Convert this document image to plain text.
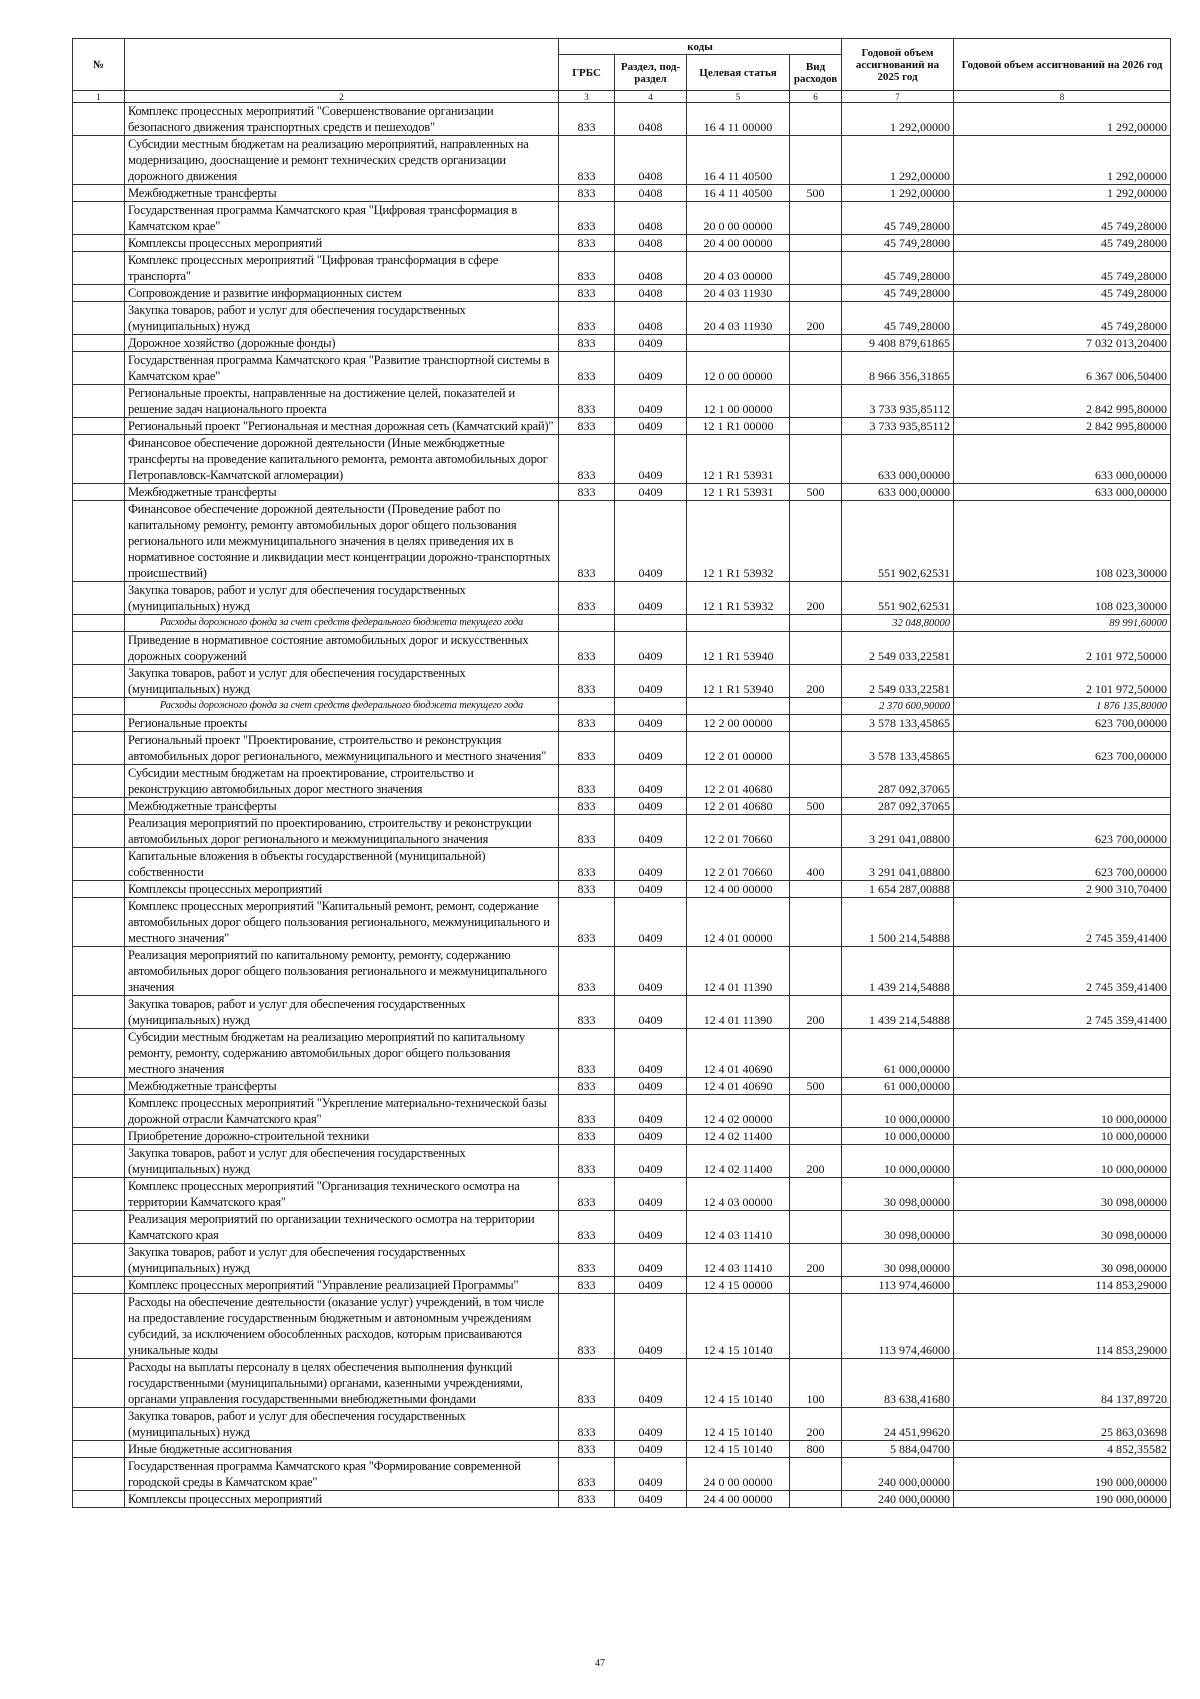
№		коды				Годовой объем ассигнований на 2025 год	Годовой объем ассигнований на 2026 год
		ГРБС	Раздел, под-раздел	Целевая статья	Вид расходов		
1	2	3	4	5	6	7	8
	Комплекс процессных мероприятий "Совершенствование организации безопасного движения транспортных средств и пешеходов"	833	0408	16 4 11 00000		1 292,00000	1 292,00000
	Субсидии местным бюджетам на реализацию мероприятий, направленных на модернизацию, дооснащение и ремонт технических средств организации дорожного движения	833	0408	16 4 11 40500		1 292,00000	1 292,00000
	Межбюджетные трансферты	833	0408	16 4 11 40500	500	1 292,00000	1 292,00000
	Государственная программа Камчатского края "Цифровая трансформация в Камчатском крае"	833	0408	20 0 00 00000		45 749,28000	45 749,28000
	Комплексы процессных мероприятий	833	0408	20 4 00 00000		45 749,28000	45 749,28000
	Комплекс процессных мероприятий "Цифровая трансформация в сфере транспорта"	833	0408	20 4 03 00000		45 749,28000	45 749,28000
	Сопровождение и развитие информационных систем	833	0408	20 4 03 11930		45 749,28000	45 749,28000
	Закупка товаров, работ и услуг для обеспечения государственных (муниципальных) нужд	833	0408	20 4 03 11930	200	45 749,28000	45 749,28000
	Дорожное хозяйство (дорожные фонды)	833	0409			9 408 879,61865	7 032 013,20400
	Государственная программа Камчатского края "Развитие транспортной системы в Камчатском крае"	833	0409	12 0 00 00000		8 966 356,31865	6 367 006,50400
	Региональные проекты, направленные на достижение целей, показателей и решение задач национального проекта	833	0409	12 1 00 00000		3 733 935,85112	2 842 995,80000
	Региональный проект "Региональная и местная дорожная сеть (Камчатский край)"	833	0409	12 1 R1 00000		3 733 935,85112	2 842 995,80000
	Финансовое обеспечение дорожной деятельности (Иные межбюджетные трансферты на проведение капитального ремонта, ремонта автомобильных дорог Петропавловск-Камчатской агломерации)	833	0409	12 1 R1 53931		633 000,00000	633 000,00000
	Межбюджетные трансферты	833	0409	12 1 R1 53931	500	633 000,00000	633 000,00000
	Финансовое обеспечение дорожной деятельности (Проведение работ по капитальному ремонту, ремонту автомобильных дорог общего пользования регионального или межмуниципального значения в целях приведения их в нормативное состояние и ликвидации мест концентрации дорожно-транспортных происшествий)	833	0409	12 1 R1 53932		551 902,62531	108 023,30000
	Закупка товаров, работ и услуг для обеспечения государственных (муниципальных) нужд	833	0409	12 1 R1 53932	200	551 902,62531	108 023,30000
	Расходы дорожного фонда за счет средств федерального бюджета текущего года					32 048,80000	89 991,60000
	Приведение в нормативное состояние автомобильных дорог и искусственных дорожных сооружений	833	0409	12 1 R1 53940		2 549 033,22581	2 101 972,50000
	Закупка товаров, работ и услуг для обеспечения государственных (муниципальных) нужд	833	0409	12 1 R1 53940	200	2 549 033,22581	2 101 972,50000
	Расходы дорожного фонда за счет средств федерального бюджета текущего года					2 370 600,90000	1 876 135,80000
	Региональные проекты	833	0409	12 2 00 00000		3 578 133,45865	623 700,00000
	Региональный проект "Проектирование, строительство и реконструкция автомобильных дорог регионального, межмуниципального и местного значения"	833	0409	12 2 01 00000		3 578 133,45865	623 700,00000
	Субсидии местным бюджетам на проектирование, строительство и реконструкцию автомобильных дорог местного значения	833	0409	12 2 01 40680		287 092,37065	
	Межбюджетные трансферты	833	0409	12 2 01 40680	500	287 092,37065	
	Реализация мероприятий по проектированию, строительству и реконструкции автомобильных дорог регионального и межмуниципального значения	833	0409	12 2 01 70660		3 291 041,08800	623 700,00000
	Капитальные вложения в объекты государственной (муниципальной) собственности	833	0409	12 2 01 70660	400	3 291 041,08800	623 700,00000
	Комплексы процессных мероприятий	833	0409	12 4 00 00000		1 654 287,00888	2 900 310,70400
	Комплекс процессных мероприятий "Капитальный ремонт, ремонт, содержание автомобильных дорог общего пользования регионального, межмуниципального и местного значения"	833	0409	12 4 01 00000		1 500 214,54888	2 745 359,41400
	Реализация мероприятий по капитальному ремонту, ремонту, содержанию автомобильных дорог общего пользования регионального и межмуниципального значения	833	0409	12 4 01 11390		1 439 214,54888	2 745 359,41400
	Закупка товаров, работ и услуг для обеспечения государственных (муниципальных) нужд	833	0409	12 4 01 11390	200	1 439 214,54888	2 745 359,41400
	Субсидии местным бюджетам на реализацию мероприятий по капитальному ремонту, ремонту, содержанию автомобильных дорог общего пользования местного значения	833	0409	12 4 01 40690		61 000,00000	
	Межбюджетные трансферты	833	0409	12 4 01 40690	500	61 000,00000	
	Комплекс процессных мероприятий "Укрепление материально-технической базы дорожной отрасли Камчатского края"	833	0409	12 4 02 00000		10 000,00000	10 000,00000
	Приобретение дорожно-строительной техники	833	0409	12 4 02 11400		10 000,00000	10 000,00000
	Закупка товаров, работ и услуг для обеспечения государственных (муниципальных) нужд	833	0409	12 4 02 11400	200	10 000,00000	10 000,00000
	Комплекс процессных мероприятий "Организация технического осмотра на территории Камчатского края"	833	0409	12 4 03 00000		30 098,00000	30 098,00000
	Реализация мероприятий по организации технического осмотра на территории Камчатского края	833	0409	12 4 03 11410		30 098,00000	30 098,00000
	Закупка товаров, работ и услуг для обеспечения государственных (муниципальных) нужд	833	0409	12 4 03 11410	200	30 098,00000	30 098,00000
	Комплекс процессных мероприятий "Управление реализацией Программы"	833	0409	12 4 15 00000		113 974,46000	114 853,29000
	Расходы на обеспечение деятельности (оказание услуг) учреждений, в том числе на предоставление государственным бюджетным и автономным учреждениям субсидий, за исключением обособленных расходов, которым присваиваются уникальные коды	833	0409	12 4 15 10140		113 974,46000	114 853,29000
	Расходы на выплаты персоналу в целях обеспечения выполнения функций государственными (муниципальными) органами, казенными учреждениями, органами управления государственными внебюджетными фондами	833	0409	12 4 15 10140	100	83 638,41680	84 137,89720
	Закупка товаров, работ и услуг для обеспечения государственных (муниципальных) нужд	833	0409	12 4 15 10140	200	24 451,99620	25 863,03698
	Иные бюджетные ассигнования	833	0409	12 4 15 10140	800	5 884,04700	4 852,35582
	Государственная программа Камчатского края "Формирование современной городской среды в Камчатском крае"	833	0409	24 0 00 00000		240 000,00000	190 000,00000
	Комплексы процессных мероприятий	833	0409	24 4 00 00000		240 000,00000	190 000,00000
47
